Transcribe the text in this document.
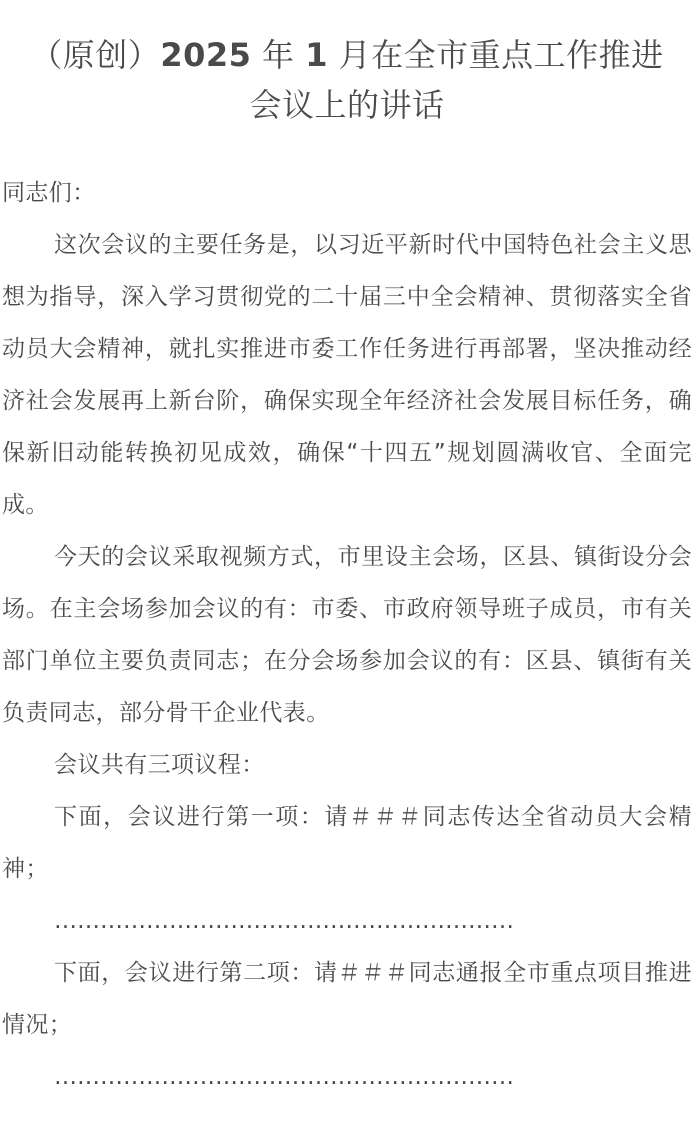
（原创）2025 年 1 月在全市重点工作推进
会议上的讲话

同志们：

这次会议的主要任务是，以习近平新时代中国特色社会主义思想为指导，深入学习贯彻党的二十届三中全会精神、贯彻落实全省动员大会精神，就扎实推进市委工作任务进行再部署，坚决推动经济社会发展再上新台阶，确保实现全年经济社会发展目标任务，确保新旧动能转换初见成效，确保“十四五”规划圆满收官、全面完成。

今天的会议采取视频方式，市里设主会场，区县、镇街设分会场。在主会场参加会议的有：市委、市政府领导班子成员，市有关部门单位主要负责同志；在分会场参加会议的有：区县、镇街有关负责同志，部分骨干企业代表。

会议共有三项议程：

下面，会议进行第一项：请＃＃＃同志传达全省动员大会精神；

……………………………………………………

下面，会议进行第二项：请＃＃＃同志通报全市重点项目推进情况；

……………………………………………………
